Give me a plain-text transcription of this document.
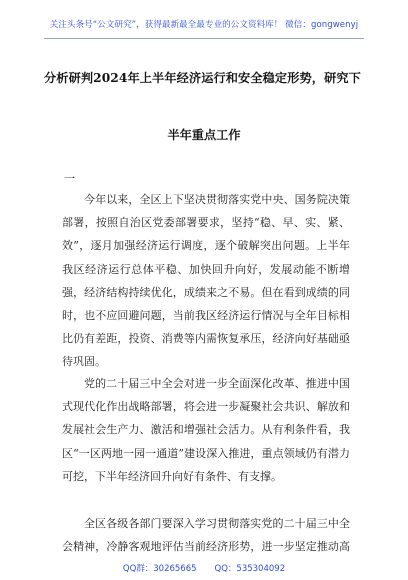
关注头条号“公文研究”，获得最新最全最专业的公文资料库！ 微信：gongwenyj
分析研判2024年上半年经济运行和安全稳定形势，研究下
半年重点工作
一
今年以来，全区上下坚决贯彻落实党中央、国务院决策部署，按照自治区党委部署要求，坚持“稳、早、实、紧、效”，逐月加强经济运行调度，逐个破解突出问题。上半年我区经济运行总体平稳、加快回升向好，发展动能不断增强，经济结构持续优化，成绩来之不易。但在看到成绩的同时，也不应回避问题，当前我区经济运行情况与全年目标相比仍有差距，投资、消费等内需恢复承压，经济向好基础亟待巩固。
党的二十届三中全会对进一步全面深化改革、推进中国式现代化作出战略部署，将会进一步凝聚社会共识、解放和发展社会生产力、激活和增强社会活力。从有利条件看，我区“一区两地一园一通道”建设深入推进，重点领域仍有潜力可挖，下半年经济回升向好有条件、有支撑。
全区各级各部门要深入学习贯彻落实党的二十届三中全会精神，冷静客观地评估当前经济形势，进一步坚定推动高
QQ群：30265665 QQ：535304092
